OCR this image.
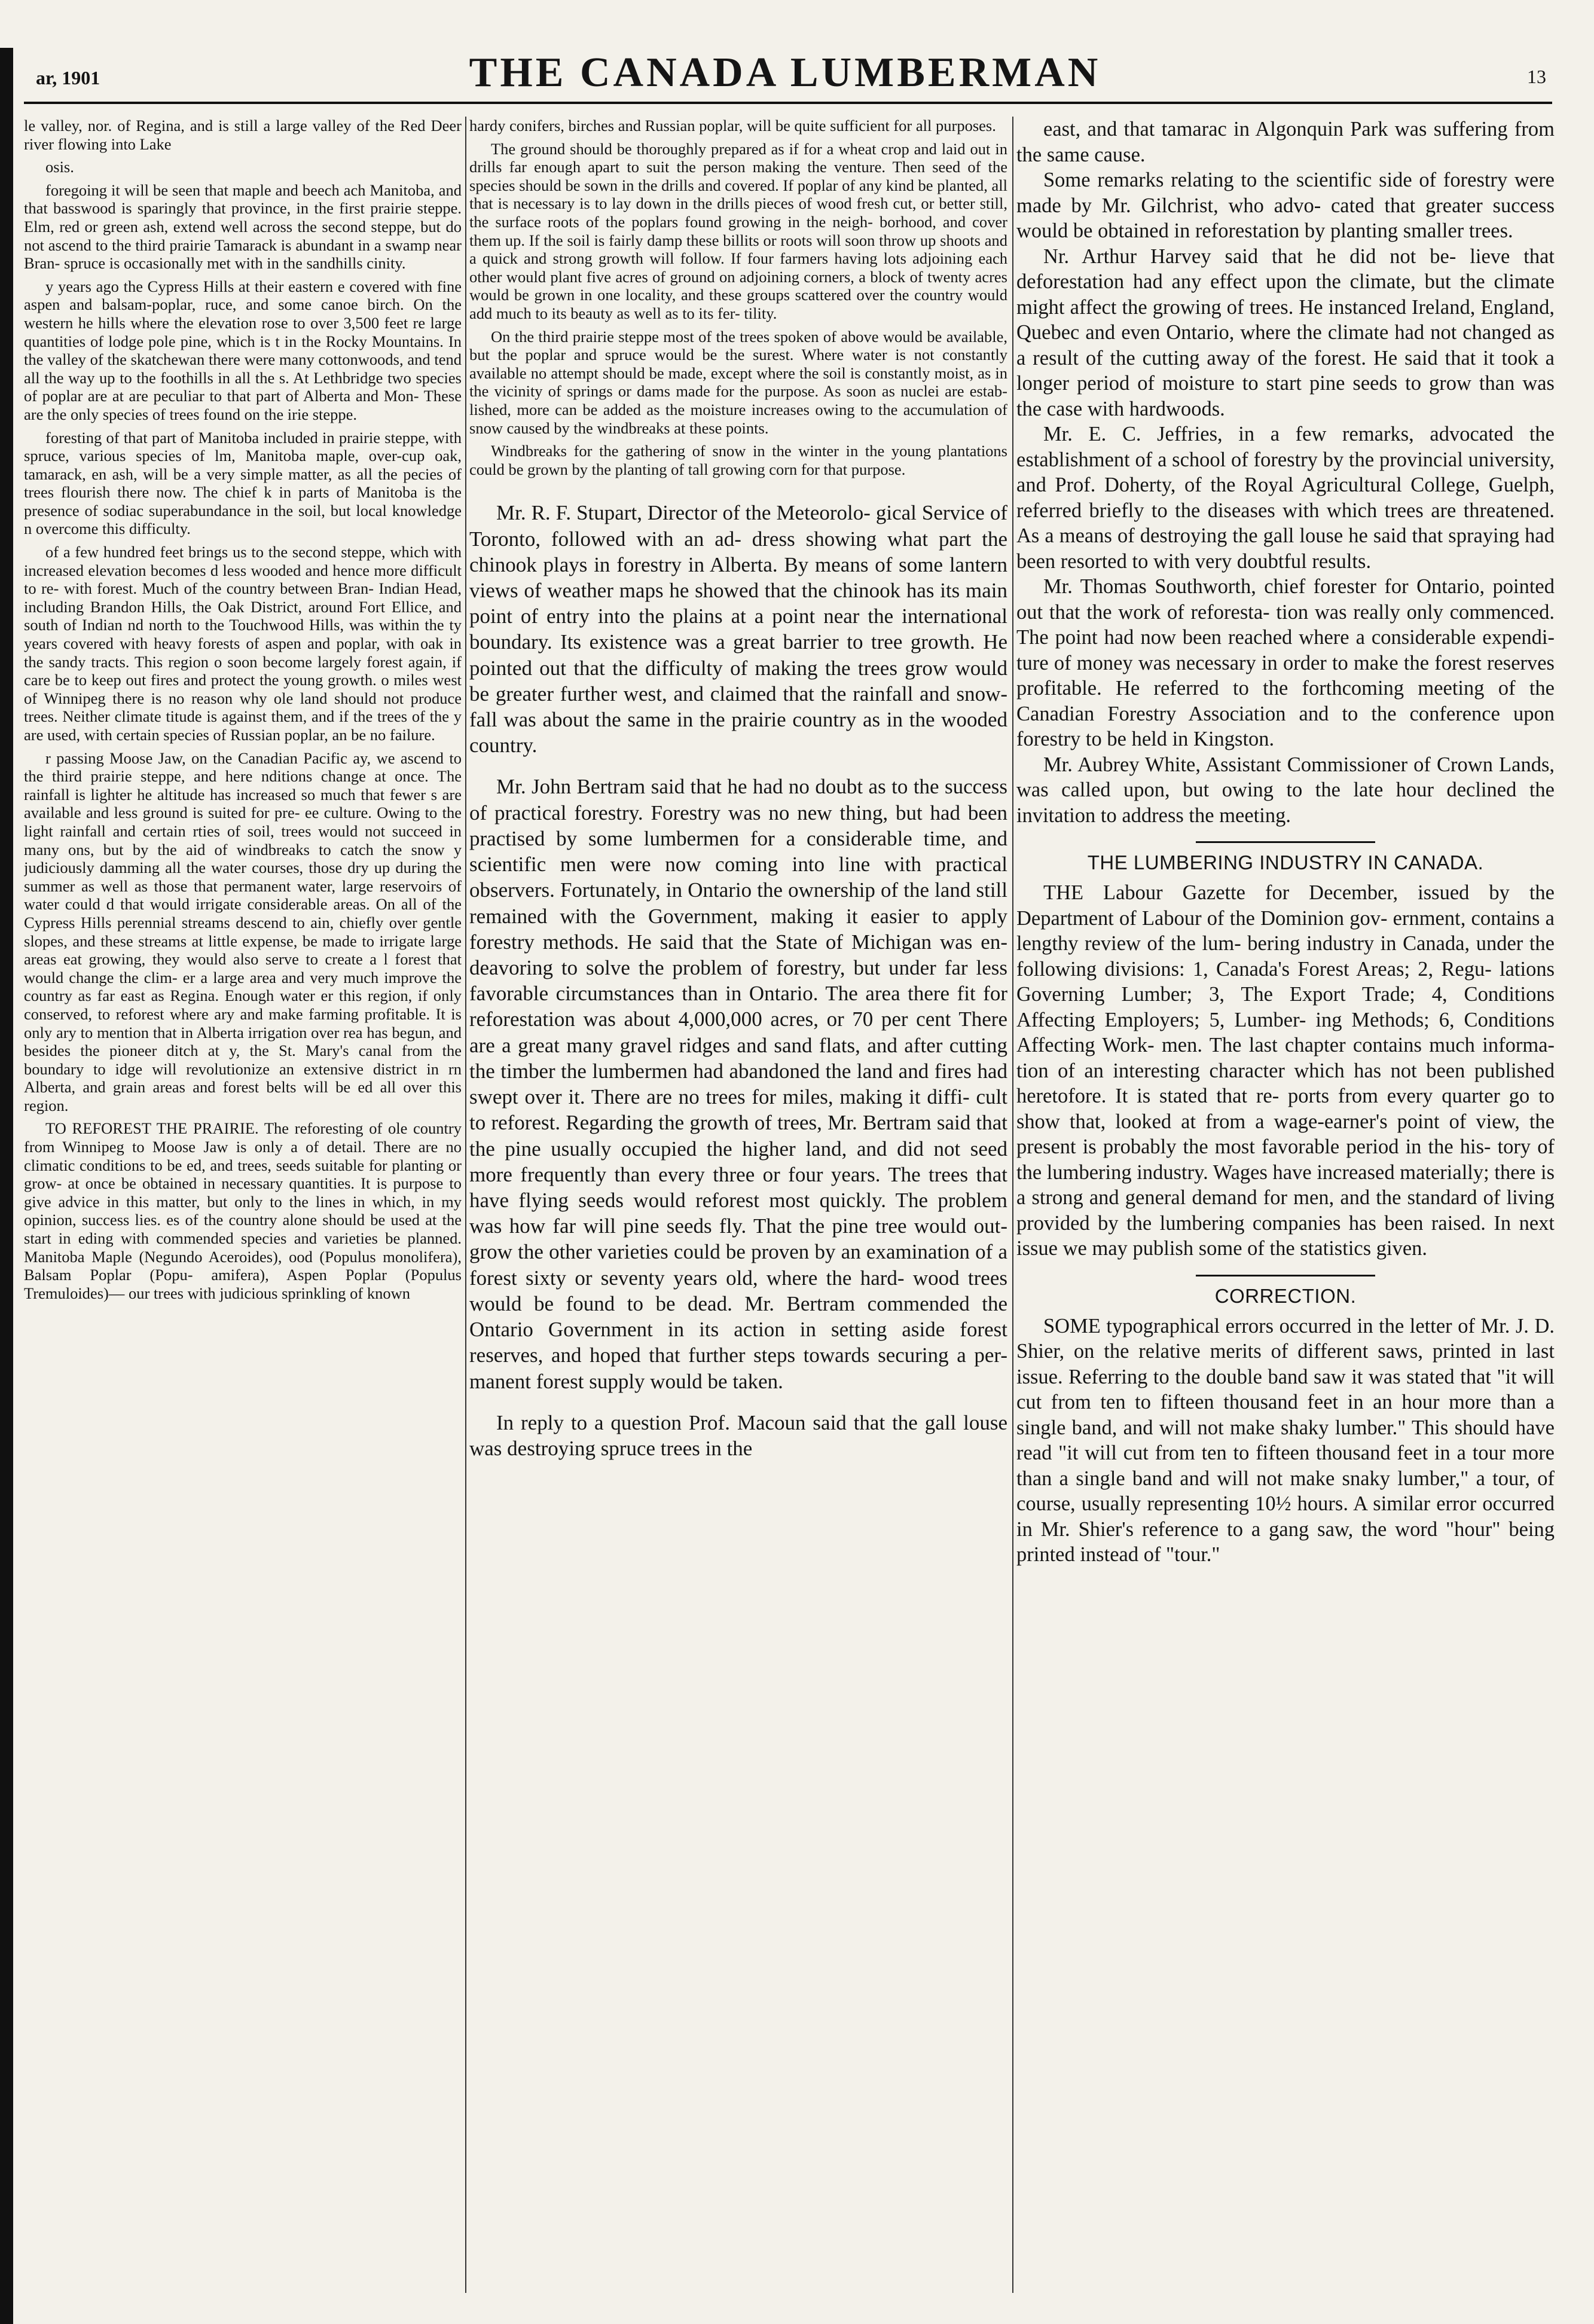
ar, 1901	THE CANADA LUMBERMAN	13

le valley, nor. of Regina, and is still a large valley of the Red Deer river flowing into Lake

osis.

foregoing it will be seen that maple and beech ach Manitoba, and that basswood is sparingly that province, in the first prairie steppe. Elm, red or green ash, extend well across the second steppe, but do not ascend to the third prairie Tamarack is abundant in a swamp near Bran- spruce is occasionally met with in the sandhills cinity.

y years ago the Cypress Hills at their eastern e covered with fine aspen and balsam-poplar, ruce, and some canoe birch. On the western he hills where the elevation rose to over 3,500 feet re large quantities of lodge pole pine, which is t in the Rocky Mountains. In the valley of the skatchewan there were many cottonwoods, and tend all the way up to the foothills in all the s. At Lethbridge two species of poplar are at are peculiar to that part of Alberta and Mon- These are the only species of trees found on the irie steppe.

foresting of that part of Manitoba included in prairie steppe, with spruce, various species of lm, Manitoba maple, over-cup oak, tamarack, en ash, will be a very simple matter, as all the pecies of trees flourish there now. The chief k in parts of Manitoba is the presence of sodiac superabundance in the soil, but local knowledge n overcome this difficulty.

of a few hundred feet brings us to the second steppe, which with increased elevation becomes d less wooded and hence more difficult to re- with forest. Much of the country between Bran- Indian Head, including Brandon Hills, the Oak District, around Fort Ellice, and south of Indian nd north to the Touchwood Hills, was within the ty years covered with heavy forests of aspen and poplar, with oak in the sandy tracts. This region o soon become largely forest again, if care be to keep out fires and protect the young growth. o miles west of Winnipeg there is no reason why ole land should not produce trees. Neither climate titude is against them, and if the trees of the y are used, with certain species of Russian poplar, an be no failure.

r passing Moose Jaw, on the Canadian Pacific ay, we ascend to the third prairie steppe, and here nditions change at once. The rainfall is lighter he altitude has increased so much that fewer s are available and less ground is suited for pre- ee culture. Owing to the light rainfall and certain rties of soil, trees would not succeed in many ons, but by the aid of windbreaks to catch the snow y judiciously damming all the water courses, those dry up during the summer as well as those that permanent water, large reservoirs of water could d that would irrigate considerable areas. On all of the Cypress Hills perennial streams descend to ain, chiefly over gentle slopes, and these streams at little expense, be made to irrigate large areas eat growing, they would also serve to create a l forest that would change the clim- er a large area and very much improve the country as far east as Regina. Enough water er this region, if only conserved, to reforest where ary and make farming profitable. It is only ary to mention that in Alberta irrigation over rea has begun, and besides the pioneer ditch at y, the St. Mary's canal from the boundary to idge will revolutionize an extensive district in rn Alberta, and grain areas and forest belts will be ed all over this region.

TO REFOREST THE PRAIRIE. The reforesting of ole country from Winnipeg to Moose Jaw is only a of detail. There are no climatic conditions to be ed, and trees, seeds suitable for planting or grow- at once be obtained in necessary quantities. It is purpose to give advice in this matter, but only to the lines in which, in my opinion, success lies. es of the country alone should be used at the start in eding with commended species and varieties be planned. Manitoba Maple (Negundo Aceroides), ood (Populus monolifera), Balsam Poplar (Popu- amifera), Aspen Poplar (Populus Tremuloides)— our trees with judicious sprinkling of known

hardy conifers, birches and Russian poplar, will be quite sufficient for all purposes.

The ground should be thoroughly prepared as if for a wheat crop and laid out in drills far enough apart to suit the person making the venture. Then seed of the species should be sown in the drills and covered. If poplar of any kind be planted, all that is necessary is to lay down in the drills pieces of wood fresh cut, or better still, the surface roots of the poplars found growing in the neigh- borhood, and cover them up. If the soil is fairly damp these billits or roots will soon throw up shoots and a quick and strong growth will follow. If four farmers having lots adjoining each other would plant five acres of ground on adjoining corners, a block of twenty acres would be grown in one locality, and these groups scattered over the country would add much to its beauty as well as to its fer- tility.

On the third prairie steppe most of the trees spoken of above would be available, but the poplar and spruce would be the surest. Where water is not constantly available no attempt should be made, except where the soil is constantly moist, as in the vicinity of springs or dams made for the purpose. As soon as nuclei are estab- lished, more can be added as the moisture increases owing to the accumulation of snow caused by the windbreaks at these points.

Windbreaks for the gathering of snow in the winter in the young plantations could be grown by the planting of tall growing corn for that purpose.

Mr. R. F. Stupart, Director of the Meteorolo- gical Service of Toronto, followed with an ad- dress showing what part the chinook plays in forestry in Alberta. By means of some lantern views of weather maps he showed that the chinook has its main point of entry into the plains at a point near the international boundary. Its existence was a great barrier to tree growth. He pointed out that the difficulty of making the trees grow would be greater further west, and claimed that the rainfall and snow-fall was about the same in the prairie country as in the wooded country.

Mr. John Bertram said that he had no doubt as to the success of practical forestry. Forestry was no new thing, but had been practised by some lumbermen for a considerable time, and scientific men were now coming into line with practical observers. Fortunately, in Ontario the ownership of the land still remained with the Government, making it easier to apply forestry methods. He said that the State of Michigan was en- deavoring to solve the problem of forestry, but under far less favorable circumstances than in Ontario. The area there fit for reforestation was about 4,000,000 acres, or 70 per cent There are a great many gravel ridges and sand flats, and after cutting the timber the lumbermen had abandoned the land and fires had swept over it. There are no trees for miles, making it diffi- cult to reforest. Regarding the growth of trees, Mr. Bertram said that the pine usually occupied the higher land, and did not seed more frequently than every three or four years. The trees that have flying seeds would reforest most quickly. The problem was how far will pine seeds fly. That the pine tree would out-grow the other varieties could be proven by an examination of a forest sixty or seventy years old, where the hard- wood trees would be found to be dead. Mr. Bertram commended the Ontario Government in its action in setting aside forest reserves, and hoped that further steps towards securing a per- manent forest supply would be taken.

In reply to a question Prof. Macoun said that the gall louse was destroying spruce trees in the

east, and that tamarac in Algonquin Park was suffering from the same cause.

Some remarks relating to the scientific side of forestry were made by Mr. Gilchrist, who advo- cated that greater success would be obtained in reforestation by planting smaller trees.

Nr. Arthur Harvey said that he did not be- lieve that deforestation had any effect upon the climate, but the climate might affect the growing of trees. He instanced Ireland, England, Quebec and even Ontario, where the climate had not changed as a result of the cutting away of the forest. He said that it took a longer period of moisture to start pine seeds to grow than was the case with hardwoods.

Mr. E. C. Jeffries, in a few remarks, advocated the establishment of a school of forestry by the provincial university, and Prof. Doherty, of the Royal Agricultural College, Guelph, referred briefly to the diseases with which trees are threatened. As a means of destroying the gall louse he said that spraying had been resorted to with very doubtful results.

Mr. Thomas Southworth, chief forester for Ontario, pointed out that the work of reforesta- tion was really only commenced. The point had now been reached where a considerable expendi- ture of money was necessary in order to make the forest reserves profitable. He referred to the forthcoming meeting of the Canadian Forestry Association and to the conference upon forestry to be held in Kingston.

Mr. Aubrey White, Assistant Commissioner of Crown Lands, was called upon, but owing to the late hour declined the invitation to address the meeting.

THE LUMBERING INDUSTRY IN CANADA.

THE Labour Gazette for December, issued by the Department of Labour of the Dominion gov- ernment, contains a lengthy review of the lum- bering industry in Canada, under the following divisions: 1, Canada's Forest Areas; 2, Regu- lations Governing Lumber; 3, The Export Trade; 4, Conditions Affecting Employers; 5, Lumber- ing Methods; 6, Conditions Affecting Work- men. The last chapter contains much informa- tion of an interesting character which has not been published heretofore. It is stated that re- ports from every quarter go to show that, looked at from a wage-earner's point of view, the present is probably the most favorable period in the his- tory of the lumbering industry. Wages have increased materially; there is a strong and general demand for men, and the standard of living provided by the lumbering companies has been raised. In next issue we may publish some of the statistics given.

CORRECTION.

SOME typographical errors occurred in the letter of Mr. J. D. Shier, on the relative merits of different saws, printed in last issue. Referring to the double band saw it was stated that "it will cut from ten to fifteen thousand feet in an hour more than a single band, and will not make shaky lumber." This should have read "it will cut from ten to fifteen thousand feet in a tour more than a single band and will not make snaky lumber," a tour, of course, usually representing 10½ hours. A similar error occurred in Mr. Shier's reference to a gang saw, the word "hour" being printed instead of "tour."
